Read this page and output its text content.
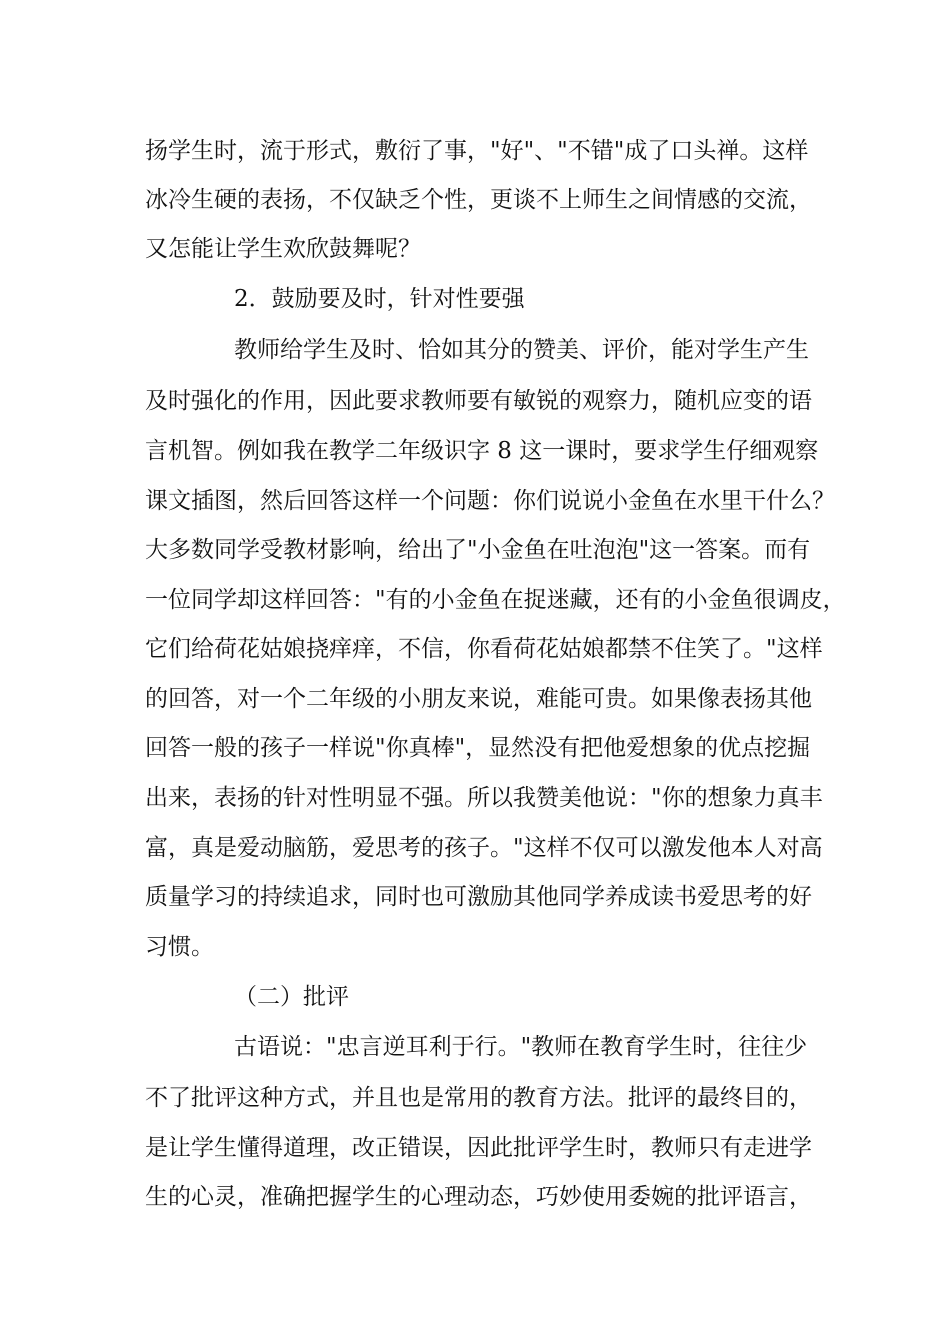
扬学生时，流于形式，敷衍了事，"好"、"不错"成了口头禅。这样

冰冷生硬的表扬，不仅缺乏个性，更谈不上师生之间情感的交流，

又怎能让学生欢欣鼓舞呢？

2．鼓励要及时，针对性要强

教师给学生及时、恰如其分的赞美、评价，能对学生产生

及时强化的作用，因此要求教师要有敏锐的观察力，随机应变的语

言机智。例如我在教学二年级识字 8 这一课时，要求学生仔细观察

课文插图，然后回答这样一个问题：你们说说小金鱼在水里干什么？

大多数同学受教材影响，给出了"小金鱼在吐泡泡"这一答案。而有

一位同学却这样回答："有的小金鱼在捉迷藏，还有的小金鱼很调皮，

它们给荷花姑娘挠痒痒，不信，你看荷花姑娘都禁不住笑了。"这样

的回答，对一个二年级的小朋友来说，难能可贵。如果像表扬其他

回答一般的孩子一样说"你真棒"，显然没有把他爱想象的优点挖掘

出来，表扬的针对性明显不强。所以我赞美他说："你的想象力真丰

富，真是爱动脑筋，爱思考的孩子。"这样不仅可以激发他本人对高

质量学习的持续追求，同时也可激励其他同学养成读书爱思考的好

习惯。

（二）批评

古语说："忠言逆耳利于行。"教师在教育学生时，往往少

不了批评这种方式，并且也是常用的教育方法。批评的最终目的，

是让学生懂得道理，改正错误，因此批评学生时，教师只有走进学

生的心灵，准确把握学生的心理动态，巧妙使用委婉的批评语言，
